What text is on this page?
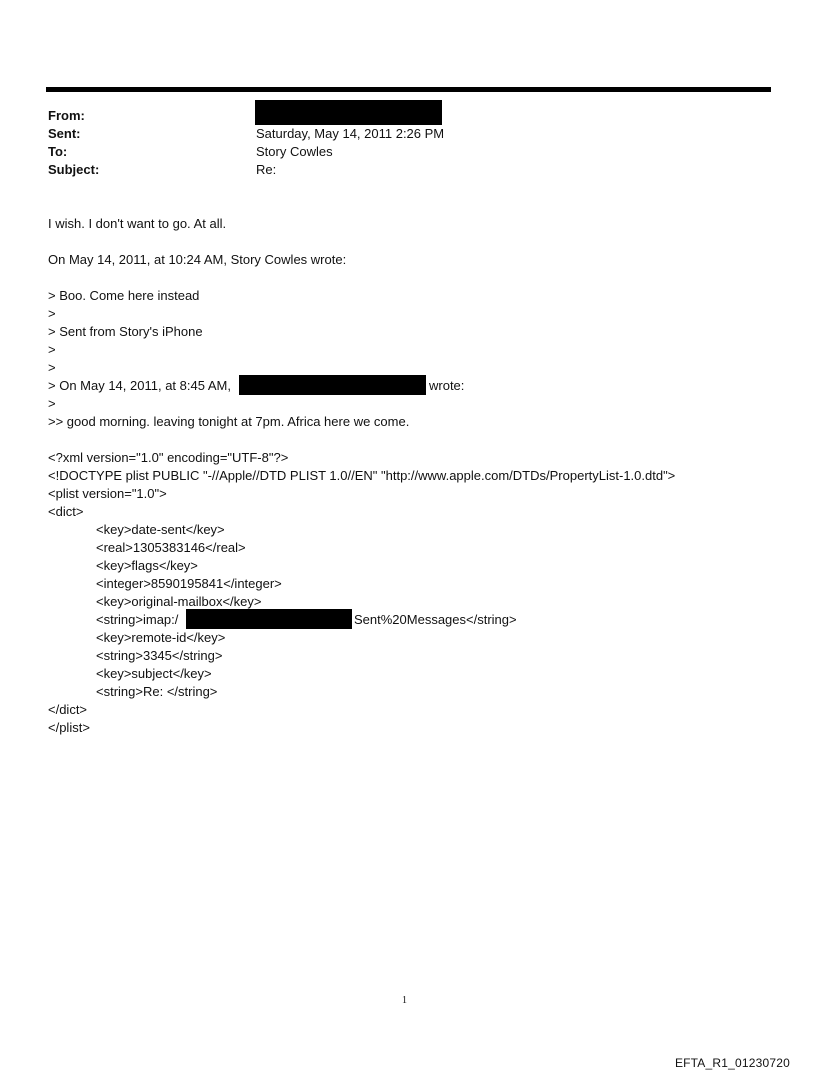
From:
Sent:
To:
Subject:
Saturday, May 14, 2011 2:26 PM
Story Cowles
Re:
I wish. I don't want to go. At all.
On May 14, 2011, at 10:24 AM, Story Cowles wrote:
> Boo. Come here instead
>
> Sent from Story's iPhone
>
>
> On May 14, 2011, at 8:45 AM,	wrote:
>
>> good morning. leaving tonight at 7pm. Africa here we come.
<?xml version="1.0" encoding="UTF-8"?>
<!DOCTYPE plist PUBLIC "-//Apple//DTD PLIST 1.0//EN" "http://www.apple.com/DTDs/PropertyList-1.0.dtd">
<plist version="1.0">
<dict>
<key>date-sent</key>
<real>1305383146</real>
<key>flags</key>
<integer>8590195841</integer>
<key>original-mailbox</key>
<string>imap:/	Sent%20Messages</string>
<key>remote-id</key>
<string>3345</string>
<key>subject</key>
<string>Re: </string>
</dict>
</plist>
1
EFTA_R1_01230720
